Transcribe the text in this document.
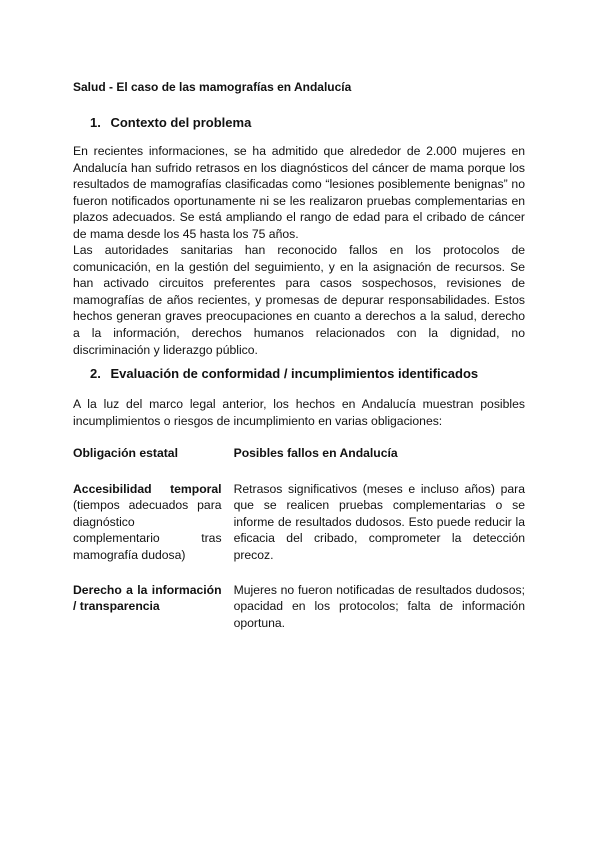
Salud - El caso de las mamografías en Andalucía

1. Contexto del problema

En recientes informaciones, se ha admitido que alrededor de 2.000 mujeres en Andalucía han sufrido retrasos en los diagnósticos del cáncer de mama porque los resultados de mamografías clasificadas como “lesiones posiblemente benignas” no fueron notificados oportunamente ni se les realizaron pruebas complementarias en plazos adecuados. Se está ampliando el rango de edad para el cribado de cáncer de mama desde los 45 hasta los 75 años.

Las autoridades sanitarias han reconocido fallos en los protocolos de comunicación, en la gestión del seguimiento, y en la asignación de recursos. Se han activado circuitos preferentes para casos sospechosos, revisiones de mamografías de años recientes, y promesas de depurar responsabilidades. Estos hechos generan graves preocupaciones en cuanto a derechos a la salud, derecho a la información, derechos humanos relacionados con la dignidad, no discriminación y liderazgo público.

2. Evaluación de conformidad / incumplimientos identificados

A la luz del marco legal anterior, los hechos en Andalucía muestran posibles incumplimientos o riesgos de incumplimiento en varias obligaciones:

Obligación estatal	Posibles fallos en Andalucía
Accesibilidad temporal (tiempos adecuados para diagnóstico complementario tras mamografía dudosa)	Retrasos significativos (meses e incluso años) para que se realicen pruebas complementarias o se informe de resultados dudosos. Esto puede reducir la eficacia del cribado, comprometer la detección precoz.
Derecho a la información / transparencia	Mujeres no fueron notificadas de resultados dudosos; opacidad en los protocolos; falta de información oportuna.
